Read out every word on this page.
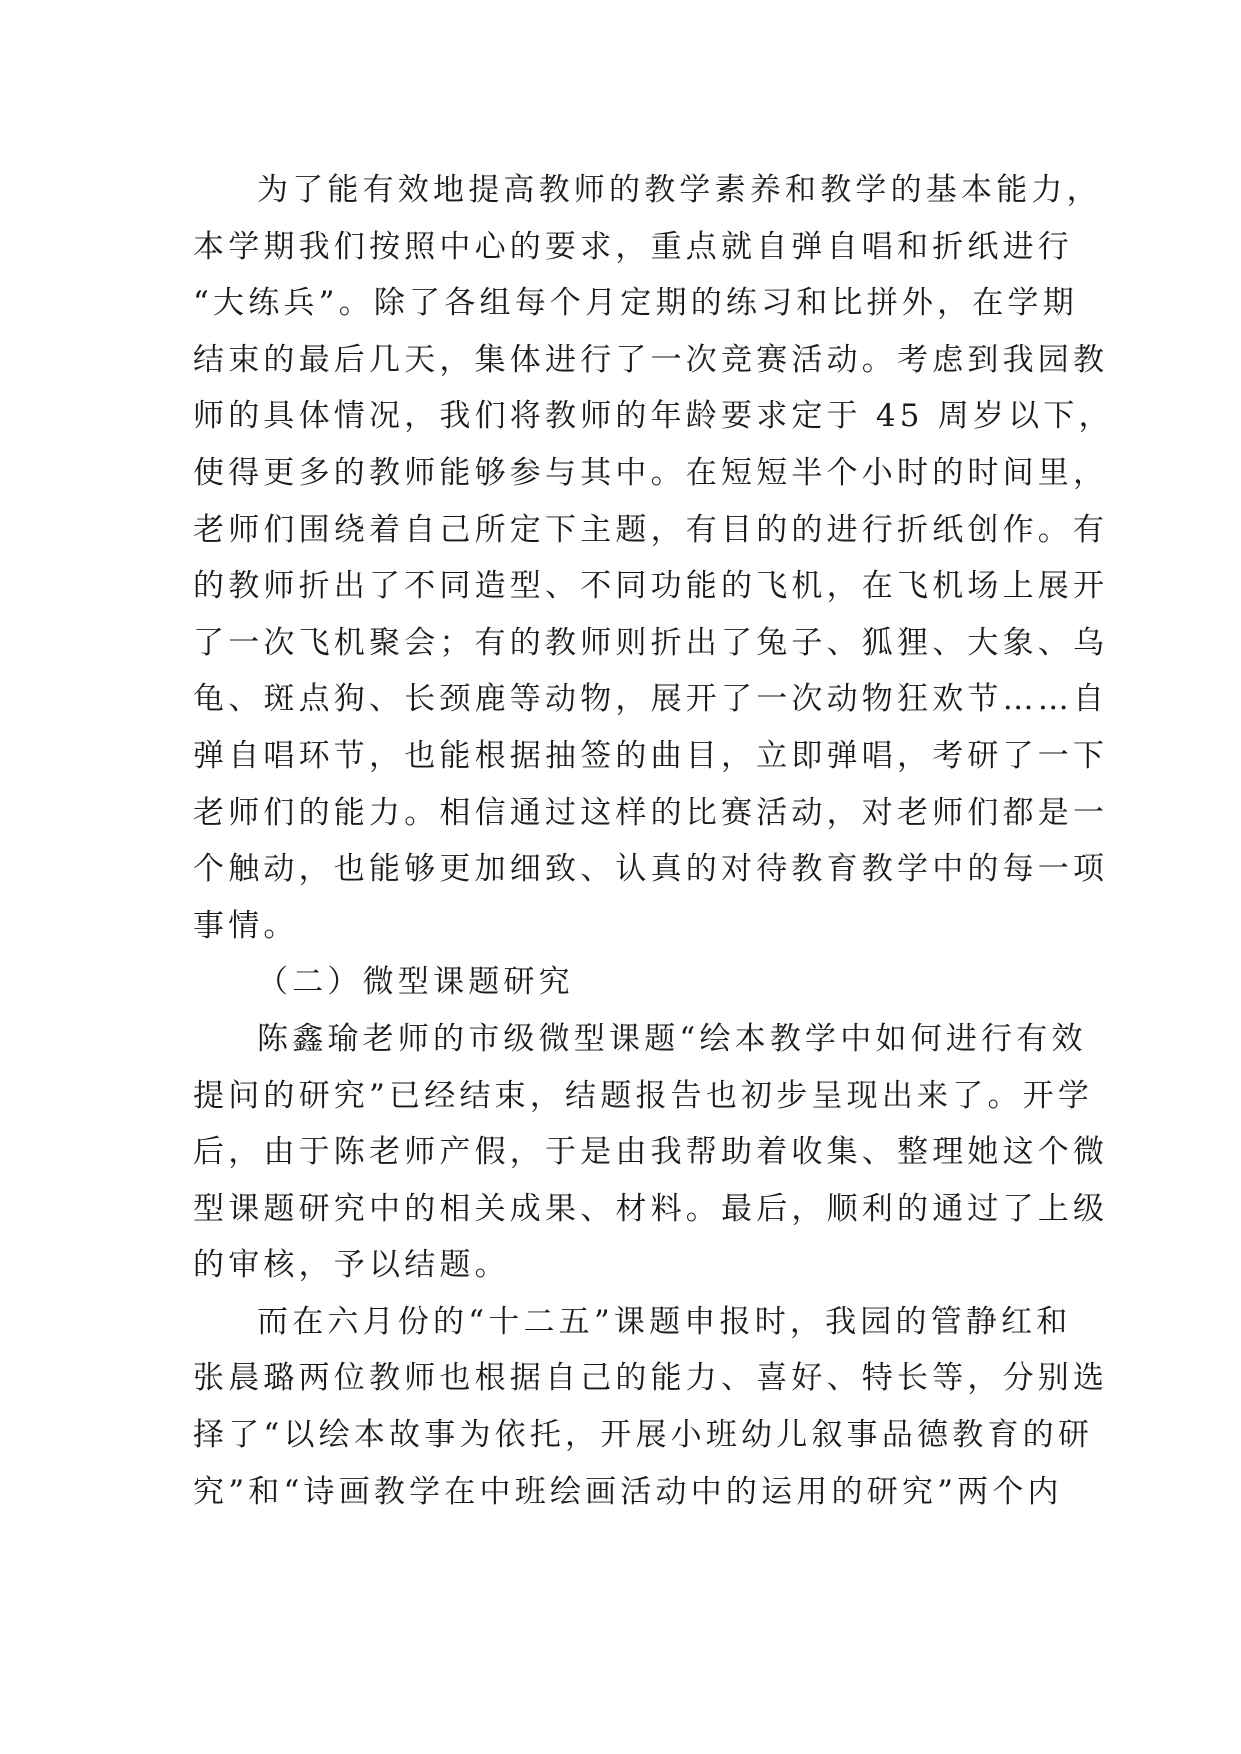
为了能有效地提高教师的教学素养和教学的基本能力，
本学期我们按照中心的要求，重点就自弹自唱和折纸进行
“大练兵”。除了各组每个月定期的练习和比拼外，在学期
结束的最后几天，集体进行了一次竞赛活动。考虑到我园教
师的具体情况，我们将教师的年龄要求定于 45 周岁以下，
使得更多的教师能够参与其中。在短短半个小时的时间里，
老师们围绕着自己所定下主题，有目的的进行折纸创作。有
的教师折出了不同造型、不同功能的飞机，在飞机场上展开
了一次飞机聚会；有的教师则折出了兔子、狐狸、大象、乌
龟、斑点狗、长颈鹿等动物，展开了一次动物狂欢节……自
弹自唱环节，也能根据抽签的曲目，立即弹唱，考研了一下
老师们的能力。相信通过这样的比赛活动，对老师们都是一
个触动，也能够更加细致、认真的对待教育教学中的每一项
事情。
（二）微型课题研究
陈鑫瑜老师的市级微型课题“绘本教学中如何进行有效
提问的研究”已经结束，结题报告也初步呈现出来了。开学
后，由于陈老师产假，于是由我帮助着收集、整理她这个微
型课题研究中的相关成果、材料。最后，顺利的通过了上级
的审核，予以结题。
而在六月份的“十二五”课题申报时，我园的管静红和
张晨璐两位教师也根据自己的能力、喜好、特长等，分别选
择了“以绘本故事为依托，开展小班幼儿叙事品德教育的研
究”和“诗画教学在中班绘画活动中的运用的研究”两个内
